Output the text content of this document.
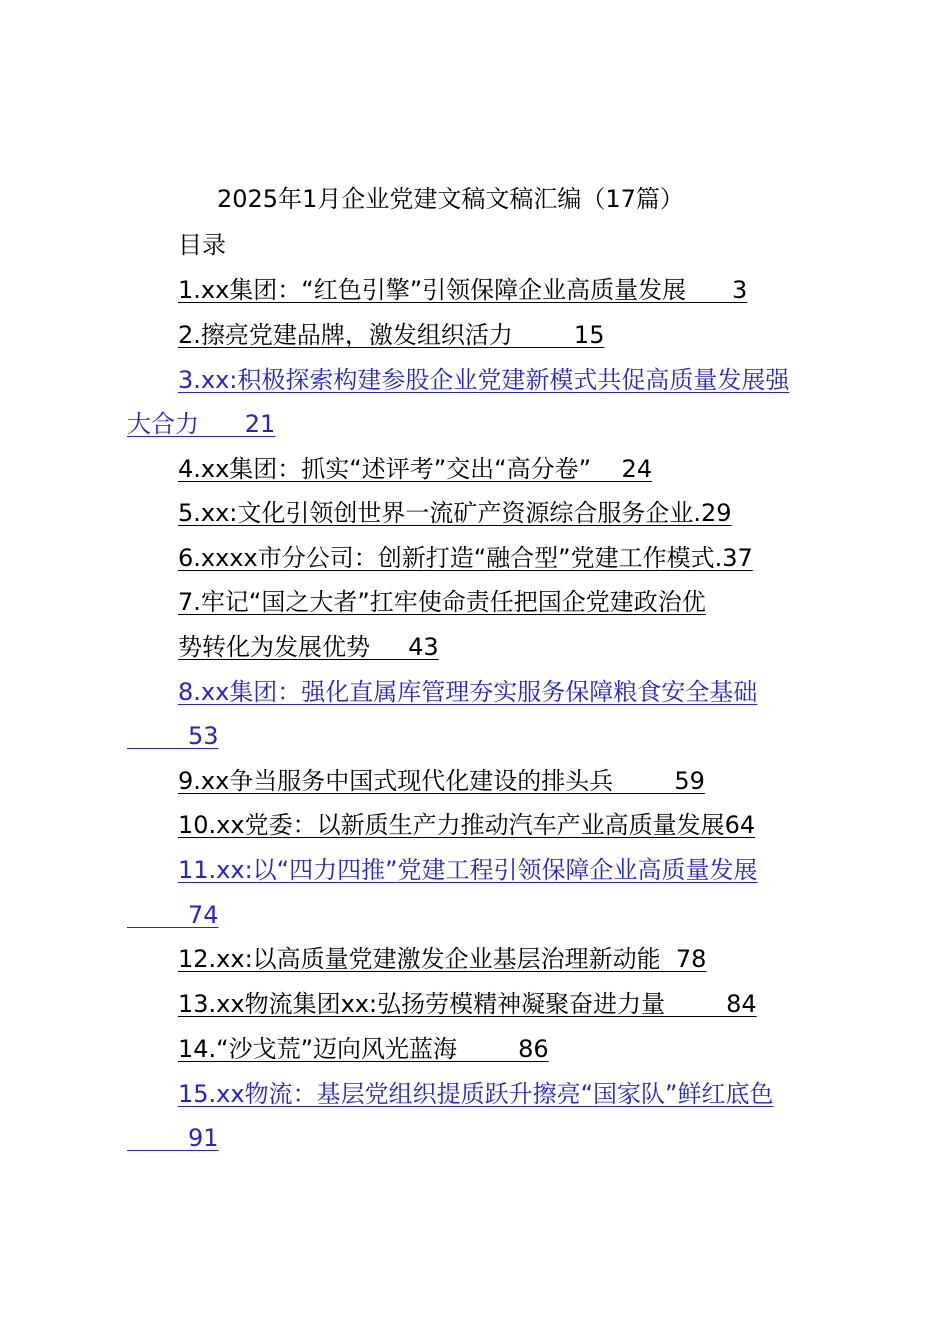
2025年1月企业党建文稿文稿汇编（17篇）
目录
1.xx集团：“红色引擎”引领保障企业高质量发展      3
2.擦亮党建品牌，激发组织活力        15
3.xx:积极探索构建参股企业党建新模式共促高质量发展强
大合力      21
4.xx集团：抓实“述评考”交出“高分卷”    24
5.xx:文化引领创世界一流矿产资源综合服务企业.29
6.xxxx市分公司：创新打造“融合型”党建工作模式.37
7.牢记“国之大者”扛牢使命责任把国企党建政治优
势转化为发展优势     43
8.xx集团：强化直属库管理夯实服务保障粮食安全基础
53
9.xx争当服务中国式现代化建设的排头兵        59
10.xx党委：以新质生产力推动汽车产业高质量发展64
11.xx:以“四力四推”党建工程引领保障企业高质量发展
74
12.xx:以高质量党建激发企业基层治理新动能  78
13.xx物流集团xx:弘扬劳模精神凝聚奋进力量        84
14.“沙戈荒”迈向风光蓝海        86
15.xx物流：基层党组织提质跃升擦亮“国家队”鲜红底色
91
